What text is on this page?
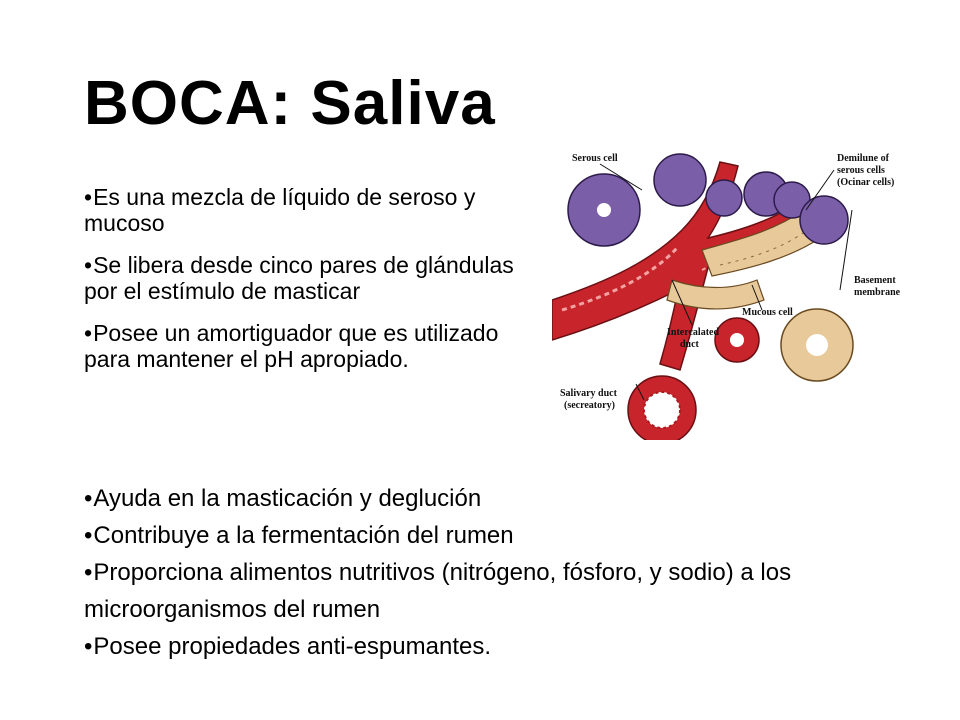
BOCA: Saliva
•Es una mezcla de líquido de seroso y mucoso
•Se libera desde cinco pares de glándulas por el estímulo de masticar
•Posee un amortiguador que es utilizado para mantener el pH apropiado.
•Ayuda en la masticación y deglución
•Contribuye a la fermentación del rumen
•Proporciona alimentos nutritivos (nitrógeno, fósforo, y sodio) a los microorganismos del rumen
•Posee propiedades anti-espumantes.
Serous cell	Demilune of
serous cells
(Ocinar cells)
Basement
membrane
Mucous cell
Intercalated
duct
Salivary duct
(secreatory)
